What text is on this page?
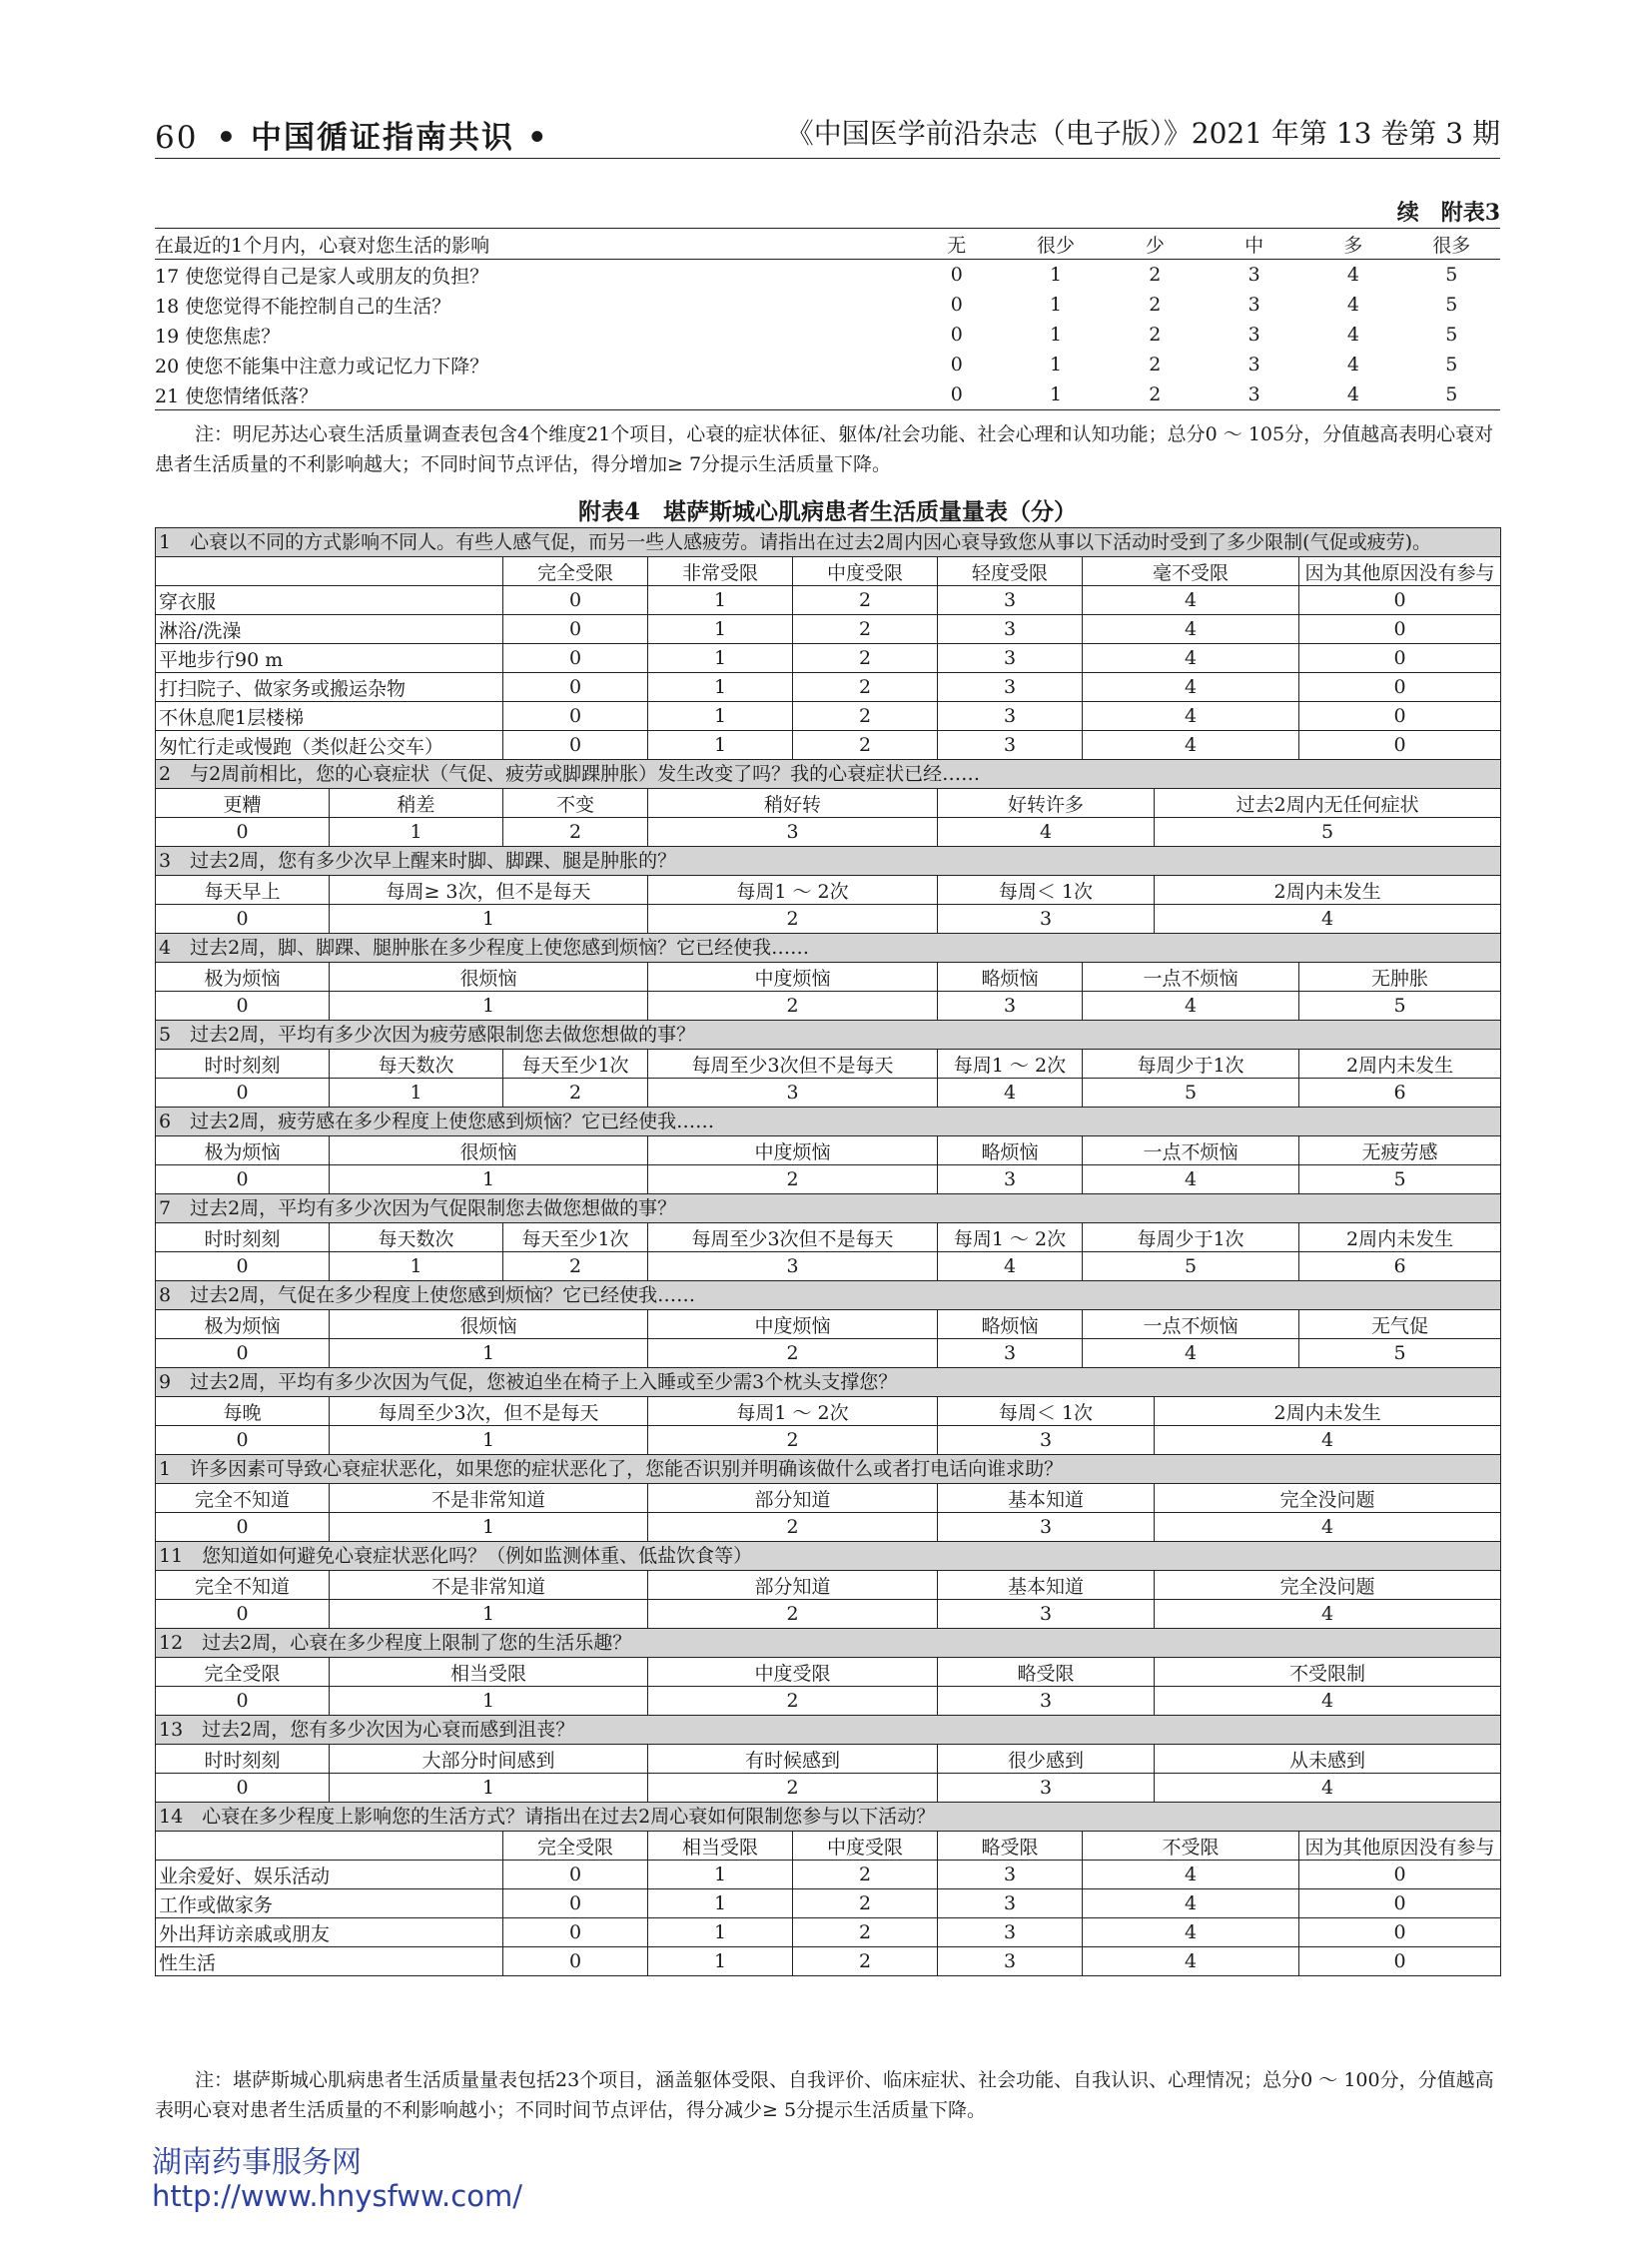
60 • 中国循证指南共识 •	《中国医学前沿杂志（电子版）》2021 年第 13 卷第 3 期
续　附表3
在最近的1个月内，心衰对您生活的影响	无	很少	少	中	多	很多
17 使您觉得自己是家人或朋友的负担？	0	1	2	3	4	5
18 使您觉得不能控制自己的生活？	0	1	2	3	4	5
19 使您焦虑？	0	1	2	3	4	5
20 使您不能集中注意力或记忆力下降？	0	1	2	3	4	5
21 使您情绪低落？	0	1	2	3	4	5
注：明尼苏达心衰生活质量调查表包含4个维度21个项目，心衰的症状体征、躯体/社会功能、社会心理和认知功能；总分0 ～ 105分，分值越高表明心衰对患者生活质量的不利影响越大；不同时间节点评估，得分增加≥ 7分提示生活质量下降。
附表4　堪萨斯城心肌病患者生活质量量表（分）
1　心衰以不同的方式影响不同人。有些人感气促，而另一些人感疲劳。请指出在过去2周内因心衰导致您从事以下活动时受到了多少限制(气促或疲劳)。								
		完全受限	非常受限	中度受限	轻度受限	毫不受限		因为其他原因没有参与
穿衣服		0	1	2	3	4		0
淋浴/洗澡		0	1	2	3	4		0
平地步行90 m		0	1	2	3	4		0
打扫院子、做家务或搬运杂物		0	1	2	3	4		0
不休息爬1层楼梯		0	1	2	3	4		0
匆忙行走或慢跑（类似赶公交车）		0	1	2	3	4		0
2　与2周前相比，您的心衰症状（气促、疲劳或脚踝肿胀）发生改变了吗？我的心衰症状已经……								
更糟	稍差	不变	稍好转		好转许多		过去2周内无任何症状	
0	1	2	3		4		5	
3　过去2周，您有多少次早上醒来时脚、脚踝、腿是肿胀的？								
每天早上	每周≥ 3次，但不是每天		每周1 ～ 2次		每周＜ 1次		2周内未发生	
0	1		2		3		4	
4　过去2周，脚、脚踝、腿肿胀在多少程度上使您感到烦恼？它已经使我……								
极为烦恼	很烦恼		中度烦恼		略烦恼	一点不烦恼		无肿胀
0	1		2		3	4		5
5　过去2周，平均有多少次因为疲劳感限制您去做您想做的事？								
时时刻刻	每天数次	每天至少1次	每周至少3次但不是每天		每周1 ～ 2次	每周少于1次		2周内未发生
0	1	2	3		4	5		6
6　过去2周，疲劳感在多少程度上使您感到烦恼？它已经使我……								
极为烦恼	很烦恼		中度烦恼		略烦恼	一点不烦恼		无疲劳感
0	1		2		3	4		5
7　过去2周，平均有多少次因为气促限制您去做您想做的事？								
时时刻刻	每天数次	每天至少1次	每周至少3次但不是每天		每周1 ～ 2次	每周少于1次		2周内未发生
0	1	2	3		4	5		6
8　过去2周，气促在多少程度上使您感到烦恼？它已经使我……								
极为烦恼	很烦恼		中度烦恼		略烦恼	一点不烦恼		无气促
0	1		2		3	4		5
9　过去2周，平均有多少次因为气促，您被迫坐在椅子上入睡或至少需3个枕头支撑您？								
每晚	每周至少3次，但不是每天		每周1 ～ 2次		每周＜ 1次		2周内未发生	
0	1		2		3		4	
1　许多因素可导致心衰症状恶化，如果您的症状恶化了，您能否识别并明确该做什么或者打电话向谁求助？								
完全不知道	不是非常知道		部分知道		基本知道		完全没问题	
0	1		2		3		4	
11　您知道如何避免心衰症状恶化吗？（例如监测体重、低盐饮食等）								
完全不知道	不是非常知道		部分知道		基本知道		完全没问题	
0	1		2		3		4	
12　过去2周，心衰在多少程度上限制了您的生活乐趣？								
完全受限	相当受限		中度受限		略受限		不受限制	
0	1		2		3		4	
13　过去2周，您有多少次因为心衰而感到沮丧？								
时时刻刻	大部分时间感到		有时候感到		很少感到		从未感到	
0	1		2		3		4	
14　心衰在多少程度上影响您的生活方式？请指出在过去2周心衰如何限制您参与以下活动？								
		完全受限	相当受限	中度受限	略受限	不受限		因为其他原因没有参与
业余爱好、娱乐活动		0	1	2	3	4		0
工作或做家务		0	1	2	3	4		0
外出拜访亲戚或朋友		0	1	2	3	4		0
性生活		0	1	2	3	4		0
注：堪萨斯城心肌病患者生活质量量表包括23个项目，涵盖躯体受限、自我评价、临床症状、社会功能、自我认识、心理情况；总分0 ～ 100分，分值越高表明心衰对患者生活质量的不利影响越小；不同时间节点评估，得分减少≥ 5分提示生活质量下降。
湖南药事服务网
http://www.hnysfww.com/
